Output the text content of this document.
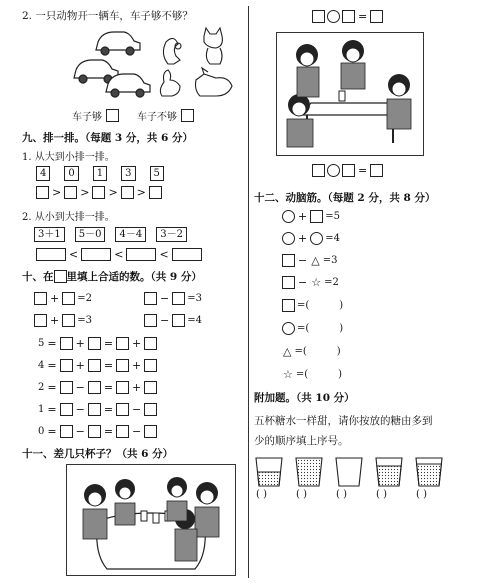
2. 一只动物开一辆车，车子够不够？
车子够	车子不够
九、排一排。（每题 3 分，共 6 分）
1. 从大到小排一排。
4	0	1	3	5
> > > >
2. 从小到大排一排。
3＋1	5－0	4－4	3－2
<	<	<
十、在 里填上合适的数。（共 9 分）
+ =2	− =3
+ =3	− =4
5 = + = +
4 = + = +
2 = − = +
1 = − = −
0 = − = −
十一、差几只杯子？（共 6 分）
=
=
十二、动脑筋。（每题 2 分，共 8 分）
+ =5
+ =4
− △ =3
− ☆ =2
=(	)
=(	)
△ =(	)
☆ =(	)
附加题。（共 10 分）
五杯糖水一样甜，请你按放的糖由多到
少的顺序填上序号。
( )	( )	( )	( )	( )
